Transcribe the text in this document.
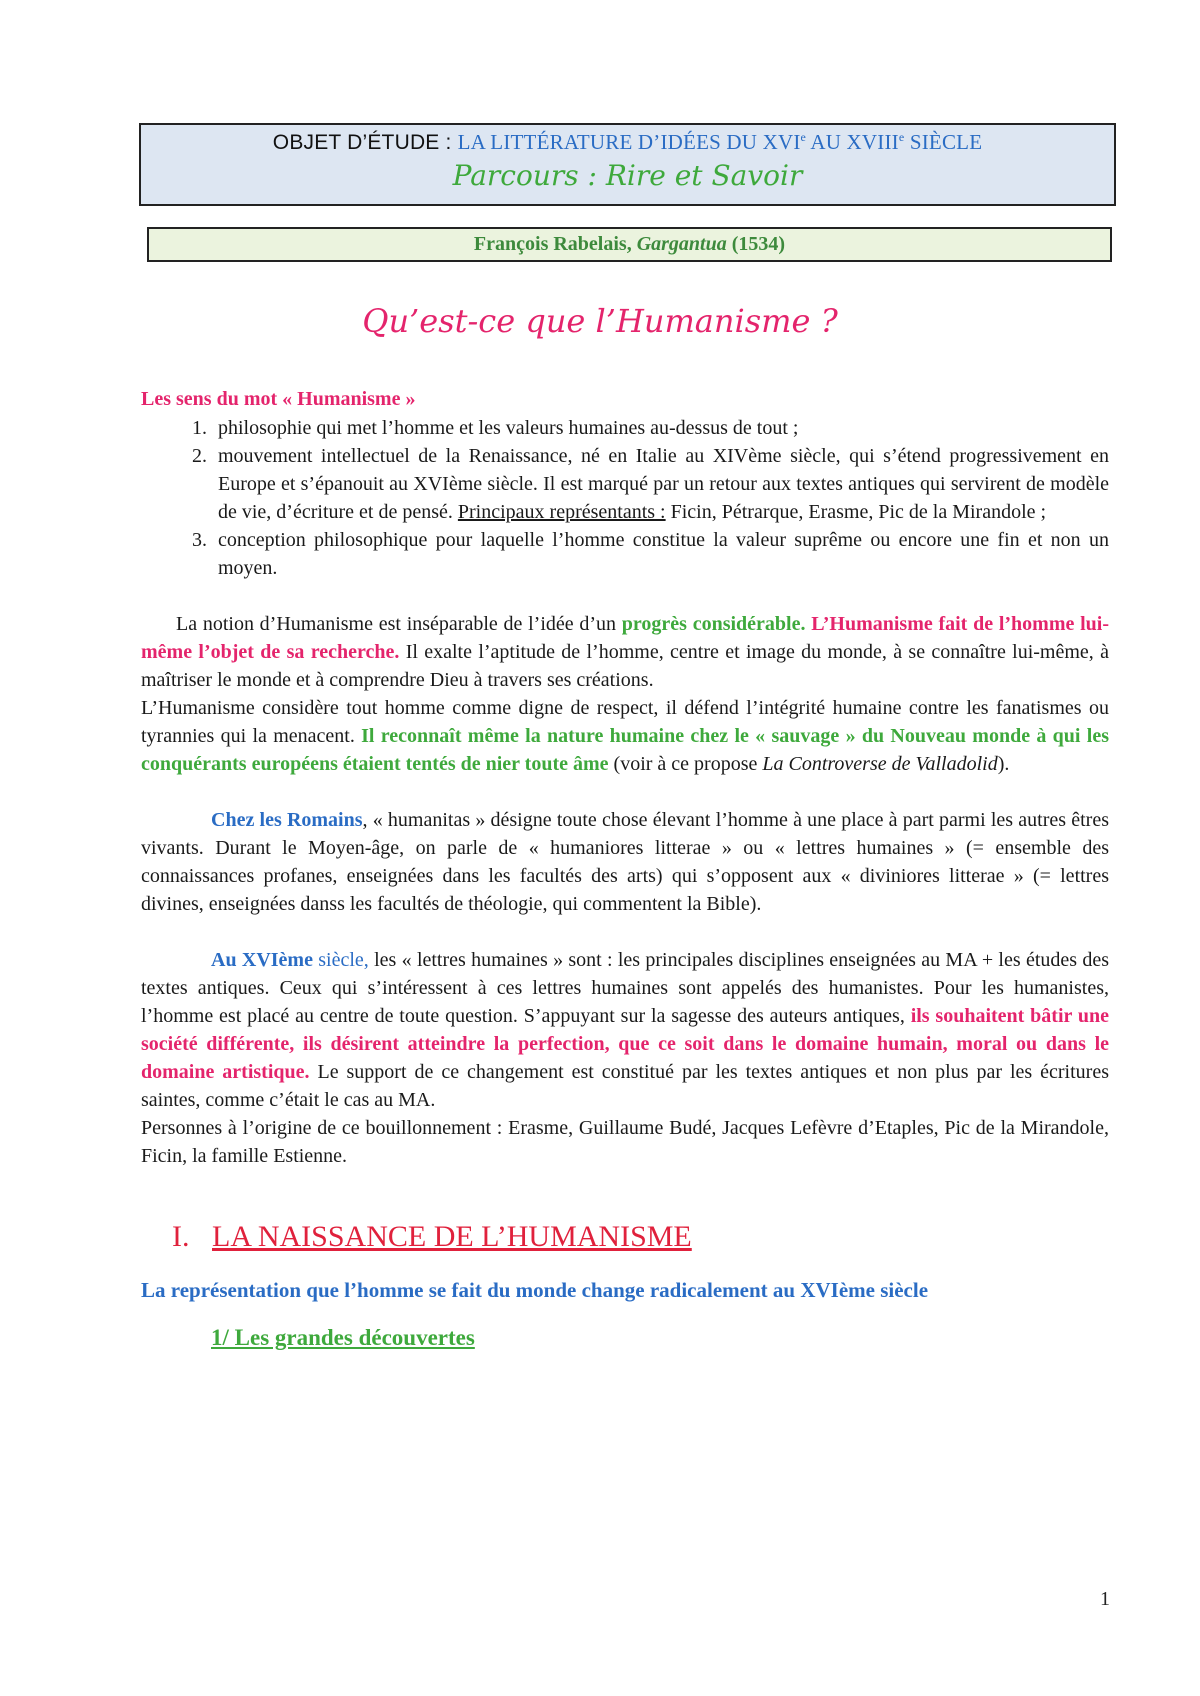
OBJET D’ÉTUDE : LA LITTÉRATURE D’IDÉES DU XVIe AU XVIIIe SIÈCLE
Parcours : Rire et Savoir
François Rabelais, Gargantua (1534)
Qu’est-ce que l’Humanisme ?
Les sens du mot « Humanisme »
1. philosophie qui met l’homme et les valeurs humaines au-dessus de tout ;
2. mouvement intellectuel de la Renaissance, né en Italie au XIVème siècle, qui s’étend progressivement en Europe et s’épanouit au XVIème siècle. Il est marqué par un retour aux textes antiques qui servirent de modèle de vie, d’écriture et de pensé. Principaux représentants : Ficin, Pétrarque, Erasme, Pic de la Mirandole ;
3. conception philosophique pour laquelle l’homme constitue la valeur suprême ou encore une fin et non un moyen.

La notion d’Humanisme est inséparable de l’idée d’un progrès considérable. L’Humanisme fait de l’homme lui-même l’objet de sa recherche. Il exalte l’aptitude de l’homme, centre et image du monde, à se connaître lui-même, à maîtriser le monde et à comprendre Dieu à travers ses créations.

L’Humanisme considère tout homme comme digne de respect, il défend l’intégrité humaine contre les fanatismes ou tyrannies qui la menacent. Il reconnaît même la nature humaine chez le « sauvage » du Nouveau monde à qui les conquérants européens étaient tentés de nier toute âme (voir à ce propose La Controverse de Valladolid).

Chez les Romains, « humanitas » désigne toute chose élevant l’homme à une place à part parmi les autres êtres vivants. Durant le Moyen-âge, on parle de « humaniores litterae » ou « lettres humaines » (= ensemble des connaissances profanes, enseignées dans les facultés des arts) qui s’opposent aux « diviniores litterae » (= lettres divines, enseignées danss les facultés de théologie, qui commentent la Bible).

Au XVIème siècle, les « lettres humaines » sont : les principales disciplines enseignées au MA + les études des textes antiques. Ceux qui s’intéressent à ces lettres humaines sont appelés des humanistes. Pour les humanistes, l’homme est placé au centre de toute question. S’appuyant sur la sagesse des auteurs antiques, ils souhaitent bâtir une société différente, ils désirent atteindre la perfection, que ce soit dans le domaine humain, moral ou dans le domaine artistique. Le support de ce changement est constitué par les textes antiques et non plus par les écritures saintes, comme c’était le cas au MA.

Personnes à l’origine de ce bouillonnement : Erasme, Guillaume Budé, Jacques Lefèvre d’Etaples, Pic de la Mirandole, Ficin, la famille Estienne.

I. LA NAISSANCE DE L’HUMANISME
La représentation que l’homme se fait du monde change radicalement au XVIème siècle
1/ Les grandes découvertes
1
